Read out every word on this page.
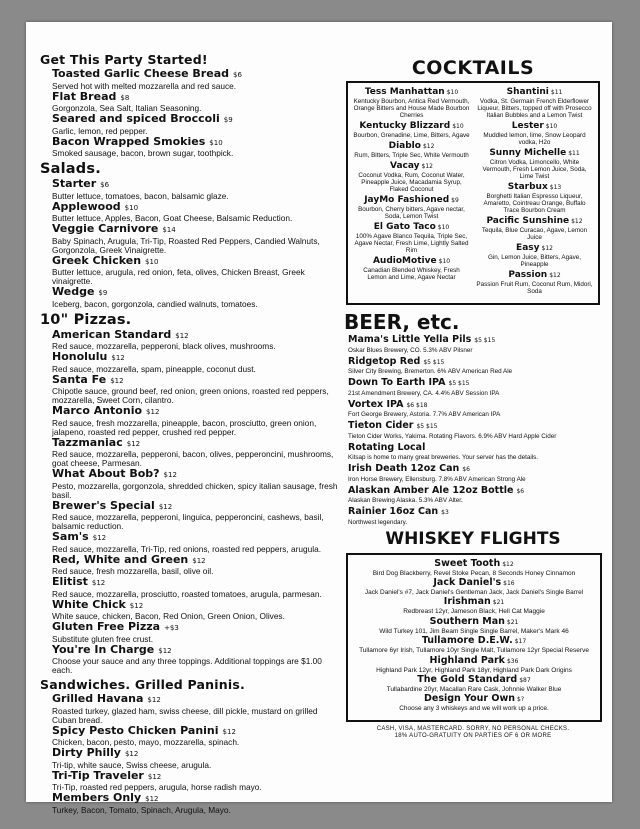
Get This Party Started!
Toasted Garlic Cheese Bread $6
Served hot with melted mozzarella and red sauce.
Flat Bread $8
Gorgonzola, Sea Salt, Italian Seasoning.
Seared and spiced Broccoli $9
Garlic, lemon, red pepper.
Bacon Wrapped Smokies $10
Smoked sausage, bacon, brown sugar, toothpick.
Salads.
Starter $6
Butter lettuce, tomatoes, bacon, balsamic glaze.
Applewood $10
Butter lettuce, Apples, Bacon, Goat Cheese, Balsamic Reduction.
Veggie Carnivore $14
Baby Spinach, Arugula, Tri-Tip, Roasted Red Peppers, Candied Walnuts, Gorgonzola, Greek Vinaigrette.
Greek Chicken $10
Butter lettuce, arugula, red onion, feta, olives, Chicken Breast, Greek vinaigrette.
Wedge $9
Iceberg, bacon, gorgonzola, candied walnuts, tomatoes.
10" Pizzas.
American Standard $12
Red sauce, mozzarella, pepperoni, black olives, mushrooms.
Honolulu $12
Red sauce, mozzarella, spam, pineapple, coconut dust.
Santa Fe $12
Chipotle sauce, ground beef, red onion, green onions, roasted red peppers, mozzarella, Sweet Corn, cilantro.
Marco Antonio $12
Red sauce, fresh mozzarella, pineapple, bacon, prosciutto, green onion, jalapeno, roasted red pepper, crushed red pepper.
Tazzmaniac $12
Red sauce, mozzarella, pepperoni, bacon, olives, pepperoncini, mushrooms, goat cheese, Parmesan.
What About Bob? $12
Pesto, mozzarella, gorgonzola, shredded chicken, spicy italian sausage, fresh basil.
Brewer's Special $12
Red sauce, mozzarella, pepperoni, linguica, pepperoncini, cashews, basil, balsamic reduction.
Sam's $12
Red sauce, mozzarella, Tri-Tip, red onions, roasted red peppers, arugula.
Red, White and Green $12
Red sauce, fresh mozzarella, basil, olive oil.
Elitist $12
Red sauce, mozzarella, prosciutto, roasted tomatoes, arugula, parmesan.
White Chick $12
White sauce, chicken, Bacon, Red Onion, Green Onion, Olives.
Gluten Free Pizza +$3
Substitute gluten free crust.
You're In Charge $12
Choose your sauce and any three toppings. Additional toppings are $1.00 each.
Sandwiches. Grilled Paninis.
Grilled Havana $12
Roasted turkey, glazed ham, swiss cheese, dill pickle, mustard on grilled Cuban bread.
Spicy Pesto Chicken Panini $12
Chicken, bacon, pesto, mayo, mozzarella, spinach.
Dirty Philly $12
Tri-tip, white sauce, Swiss cheese, arugula.
Tri-Tip Traveler $12
Tri-Tip, roasted red peppers, arugula, horse radish mayo.
Members Only $12
Turkey, Bacon, Tomato, Spinach, Arugula, Mayo.
COCKTAILS
Tess Manhattan $10
Kentucky Bourbon, Antica Red Vermouth, Orange Bitters and House Made Bourbon Cherries
Kentucky Blizzard $10
Bourbon, Grenadine, Lime, Bitters, Agave
Diablo $12
Rum, Bitters, Triple Sec, White Vermouth
Vacay $12
Coconut Vodka, Rum, Coconut Water, Pineapple Juice, Macadamia Syrup, Flaked Coconut
JayMo Fashioned $9
Bourbon, Cherry bitters, Agave nectar, Soda, Lemon Twist
El Gato Taco $10
100% Agave Blanco Tequila, Triple Sec, Agave Nectar, Fresh Lime, Lightly Salted Rim
AudioMotive $10
Canadian Blended Whiskey, Fresh Lemon and Lime, Agave Nectar
Shantini $11
Vodka, St. Germain French Elderflower Liqueur, Bitters, topped off with Prosecco Italian Bubbles and a Lemon Twist
Lester $10
Muddled lemon, lime, Snow Leopard vodka, H2o
Sunny Michelle $11
Citron Vodka, Limoncello, White Vermouth, Fresh Lemon Juice, Soda, Lime Twist
Starbux $13
Borghetti Italian Espresso Liqueur, Amaretto, Cointreau Orange, Buffalo Trace Bourbon Cream
Pacific Sunshine $12
Tequila, Blue Curacao, Agave, Lemon Juice
Easy $12
Gin, Lemon Juice, Bitters, Agave, Pineapple
Passion $12
Passion Fruit Rum, Coconut Rum, Midori, Soda
BEER, etc.
Mama's Little Yella Pils $5 $15
Oskar Blues Brewery, CO. 5.3% ABV Pilsner
Ridgetop Red $5 $15
Silver City Brewing, Bremerton. 6% ABV American Red Ale
Down To Earth IPA $5 $15
21st Amendment Brewery, CA. 4.4% ABV Session IPA
Vortex IPA $6 $18
Fort George Brewery, Astoria. 7.7% ABV American IPA
Tieton Cider $5 $15
Tieton Cider Works, Yakima. Rotating Flavors. 6.9% ABV Hard Apple Cider
Rotating Local
Kitsap is home to many great breweries. Your server has the details.
Irish Death 12oz Can $6
Iron Horse Brewery, Ellensburg. 7.8% ABV American Strong Ale
Alaskan Amber Ale 12oz Bottle $6
Alaskan Brewing Alaska. 5.3% ABV Alter.
Rainier 16oz Can $3
Northwest legendary.
WHISKEY FLIGHTS
Sweet Tooth $12
Bird Dog Blackberry, Revel Stoke Pecan, 8 Seconds Honey Cinnamon
Jack Daniel's $16
Jack Daniel's #7, Jack Daniel's Gentleman Jack, Jack Daniel's Single Barrel
Irishman $21
Redbreast 12yr, Jameson Black, Hell Cat Maggie
Southern Man $21
Wild Turkey 101, Jim Beam Single Single Barrel, Maker's Mark 46
Tullamore D.E.W. $17
Tullamore 6yr Irish, Tullamore 10yr Single Malt, Tullamore 12yr Special Reserve
Highland Park $36
Highland Park 12yr, Highland Park 18yr, Highland Park Dark Origins
The Gold Standard $87
Tullabardine 20yr, Macallan Rare Cask, Johnnie Walker Blue
Design Your Own $?
Choose any 3 whiskeys and we will work up a price.
CASH, VISA, MASTERCARD. SORRY, NO PERSONAL CHECKS.
18% AUTO-GRATUITY ON PARTIES OF 6 OR MORE
